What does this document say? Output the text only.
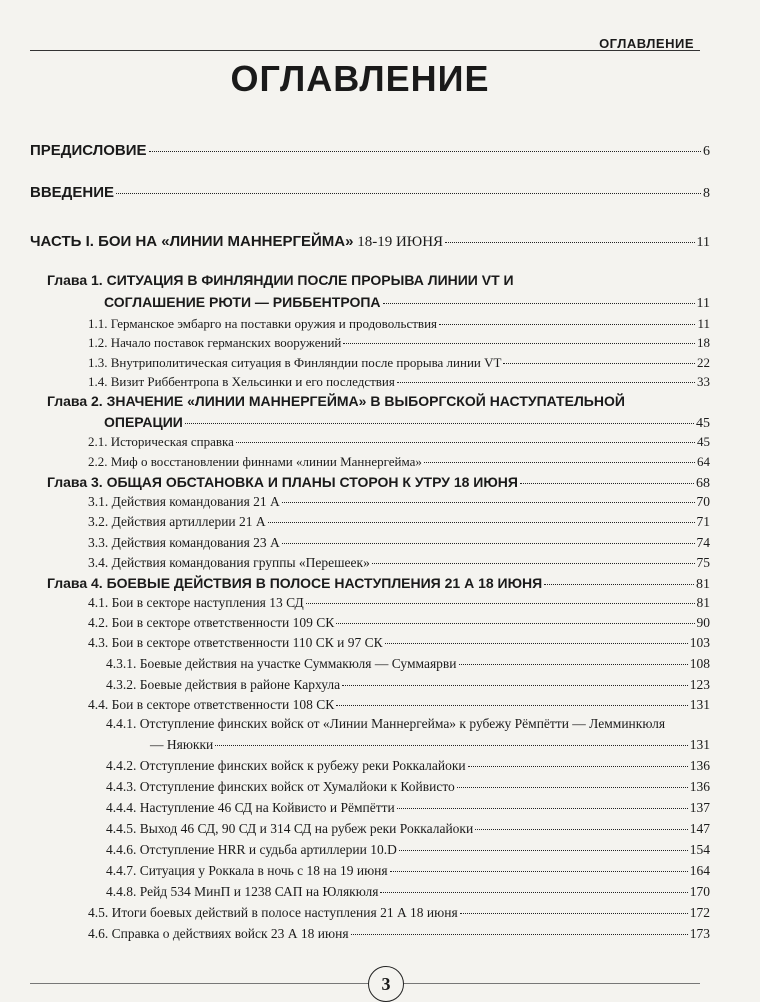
ОГЛАВЛЕНИЕ
ОГЛАВЛЕНИЕ
ПРЕДИСЛОВИЕ	6
ВВЕДЕНИЕ	8
ЧАСТЬ I. БОИ НА «ЛИНИИ МАННЕРГЕЙМА» 18-19 ИЮНЯ	11
Глава 1. СИТУАЦИЯ В ФИНЛЯНДИИ ПОСЛЕ ПРОРЫВА ЛИНИИ VT И
СОГЛАШЕНИЕ РЮТИ — РИББЕНТРОПА	11
1.1. Германское эмбарго на поставки оружия и продовольствия	11
1.2. Начало поставок германских вооружений	18
1.3. Внутриполитическая ситуация в Финляндии после прорыва линии VT	22
1.4. Визит Риббентропа в Хельсинки и его последствия	33
Глава 2. ЗНАЧЕНИЕ «ЛИНИИ МАННЕРГЕЙМА» В ВЫБОРГСКОЙ НАСТУПАТЕЛЬНОЙ
ОПЕРАЦИИ	45
2.1. Историческая справка	45
2.2. Миф о восстановлении финнами «линии Маннергейма»	64
Глава 3. ОБЩАЯ ОБСТАНОВКА И ПЛАНЫ СТОРОН К УТРУ 18 ИЮНЯ	68
3.1. Действия командования 21 А	70
3.2. Действия артиллерии 21 А	71
3.3. Действия командования 23 А	74
3.4. Действия командования группы «Перешеек»	75
Глава 4. БОЕВЫЕ ДЕЙСТВИЯ В ПОЛОСЕ НАСТУПЛЕНИЯ 21 А 18 ИЮНЯ	81
4.1. Бои в секторе наступления 13 СД	81
4.2. Бои в секторе ответственности 109 СК	90
4.3. Бои в секторе ответственности 110 СК и 97 СК	103
4.3.1. Боевые действия на участке Суммакюля — Суммаярви	108
4.3.2. Боевые действия в районе Кархула	123
4.4. Бои в секторе ответственности 108 СК	131
4.4.1. Отступление финских войск от «Линии Маннергейма» к рубежу Рёмпётти — Лемминкюля
— Няюкки	131
4.4.2. Отступление финских войск к рубежу реки Роккалайоки	136
4.4.3. Отступление финских войск от Хумалйоки к Койвисто	136
4.4.4. Наступление 46 СД на Койвисто и Рёмпётти	137
4.4.5. Выход 46 СД, 90 СД и 314 СД на рубеж реки Роккалайоки	147
4.4.6. Отступление HRR и судьба артиллерии 10.D	154
4.4.7. Ситуация у Роккала в ночь с 18 на 19 июня	164
4.4.8. Рейд 534 МинП и 1238 САП на Юлякюля	170
4.5. Итоги боевых действий в полосе наступления 21 А 18 июня	172
4.6. Справка о действиях войск 23 А 18 июня	173
3
